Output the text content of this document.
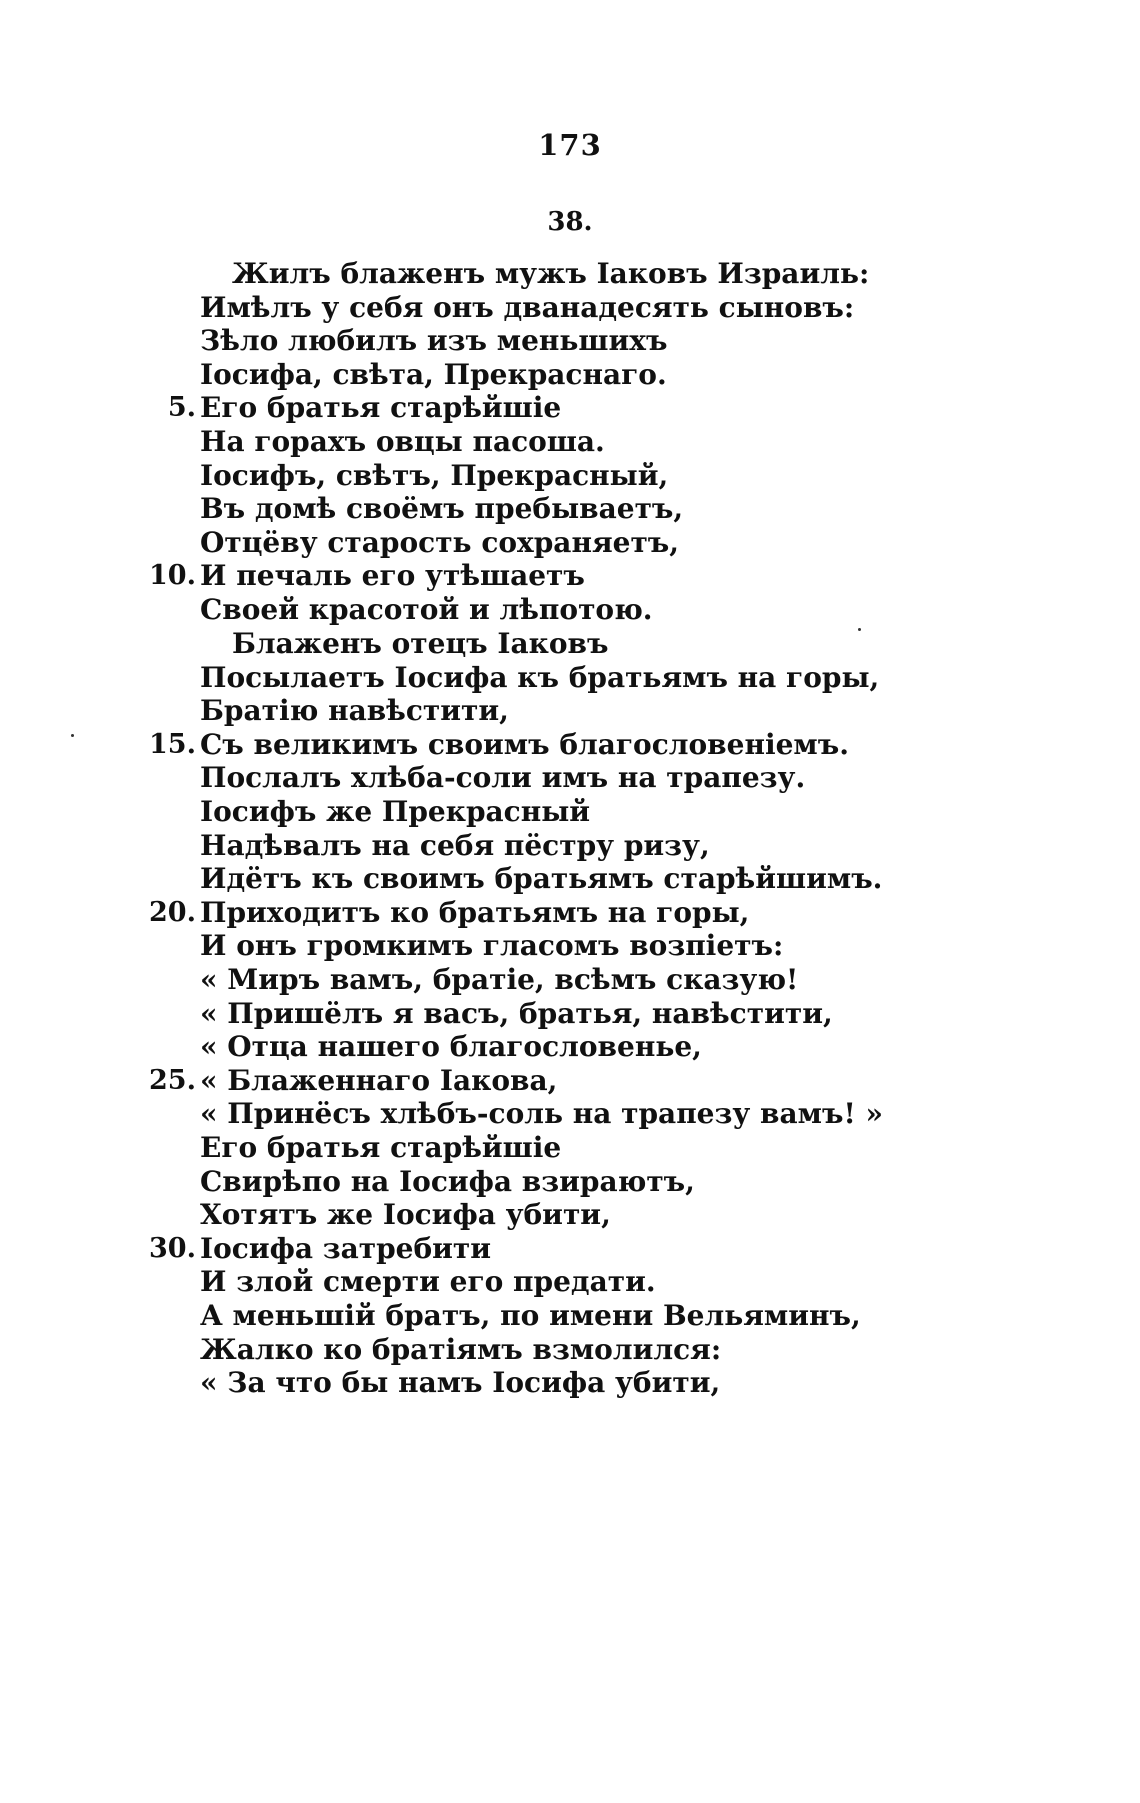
173
38.
Жилъ блаженъ мужъ Іаковъ Израиль:
Имѣлъ у себя онъ дванадесять сыновъ:
Зѣло любилъ изъ меньшихъ
Іосифа, свѣта, Прекраснаго.
5. Его братья старѣйшіе
На горахъ овцы пасоша.
Іосифъ, свѣтъ, Прекрасный,
Въ домѣ своёмъ пребываетъ,
Отцёву старость сохраняетъ,
10. И печаль его утѣшаетъ
Своей красотой и лѣпотою.
Блаженъ отецъ Іаковъ
Посылаетъ Іосифа къ братьямъ на горы,
Братію навѣстити,
15. Съ великимъ своимъ благословеніемъ.
Послалъ хлѣба-соли имъ на трапезу.
Іосифъ же Прекрасный
Надѣвалъ на себя пёстру ризу,
Идётъ къ своимъ братьямъ старѣйшимъ.
20. Приходитъ ко братьямъ на горы,
И онъ громкимъ гласомъ возпіетъ:
« Миръ вамъ, братіе, всѣмъ сказую!
« Пришёлъ я васъ, братья, навѣстити,
« Отца нашего благословенье,
25. « Блаженнаго Іакова,
« Принёсъ хлѣбъ-соль на трапезу вамъ! »
Его братья старѣйшіе
Свирѣпо на Іосифа взираютъ,
Хотятъ же Іосифа убити,
30. Іосифа затребити
И злой смерти его предати.
А меньшій братъ, по имени Вельяминъ,
Жалко ко братіямъ взмолился:
« За что бы намъ Іосифа убити,
